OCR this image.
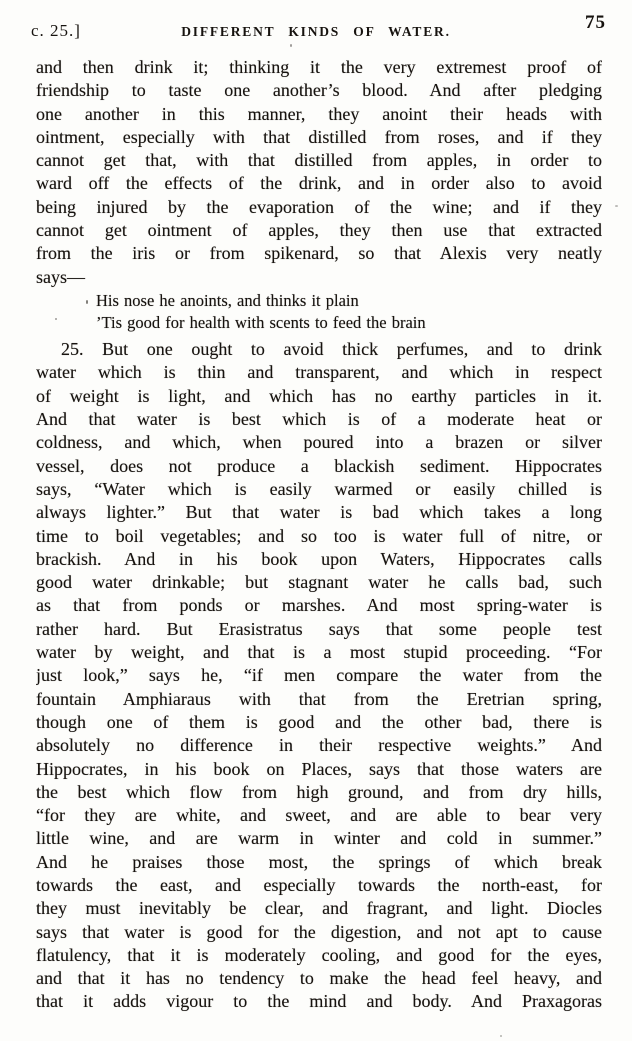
c. 25.]	DIFFERENT KINDS OF WATER.	75
and then drink it; thinking it the very extremest proof of
friendship to taste one another’s blood. And after pledging
one another in this manner, they anoint their heads with
ointment, especially with that distilled from roses, and if they
cannot get that, with that distilled from apples, in order to
ward off the effects of the drink, and in order also to avoid
being injured by the evaporation of the wine; and if they
cannot get ointment of apples, they then use that extracted
from the iris or from spikenard, so that Alexis very neatly
says—
His nose he anoints, and thinks it plain
’Tis good for health with scents to feed the brain
25. But one ought to avoid thick perfumes, and to drink
water which is thin and transparent, and which in respect
of weight is light, and which has no earthy particles in it.
And that water is best which is of a moderate heat or
coldness, and which, when poured into a brazen or silver
vessel, does not produce a blackish sediment. Hippocrates
says, “Water which is easily warmed or easily chilled is
always lighter.” But that water is bad which takes a long
time to boil vegetables; and so too is water full of nitre, or
brackish. And in his book upon Waters, Hippocrates calls
good water drinkable; but stagnant water he calls bad, such
as that from ponds or marshes. And most spring-water is
rather hard. But Erasistratus says that some people test
water by weight, and that is a most stupid proceeding. “For
just look,” says he, “if men compare the water from the
fountain Amphiaraus with that from the Eretrian spring,
though one of them is good and the other bad, there is
absolutely no difference in their respective weights.” And
Hippocrates, in his book on Places, says that those waters are
the best which flow from high ground, and from dry hills,
“for they are white, and sweet, and are able to bear very
little wine, and are warm in winter and cold in summer.”
And he praises those most, the springs of which break
towards the east, and especially towards the north-east, for
they must inevitably be clear, and fragrant, and light. Diocles
says that water is good for the digestion, and not apt to cause
flatulency, that it is moderately cooling, and good for the eyes,
and that it has no tendency to make the head feel heavy, and
that it adds vigour to the mind and body. And Praxagoras
